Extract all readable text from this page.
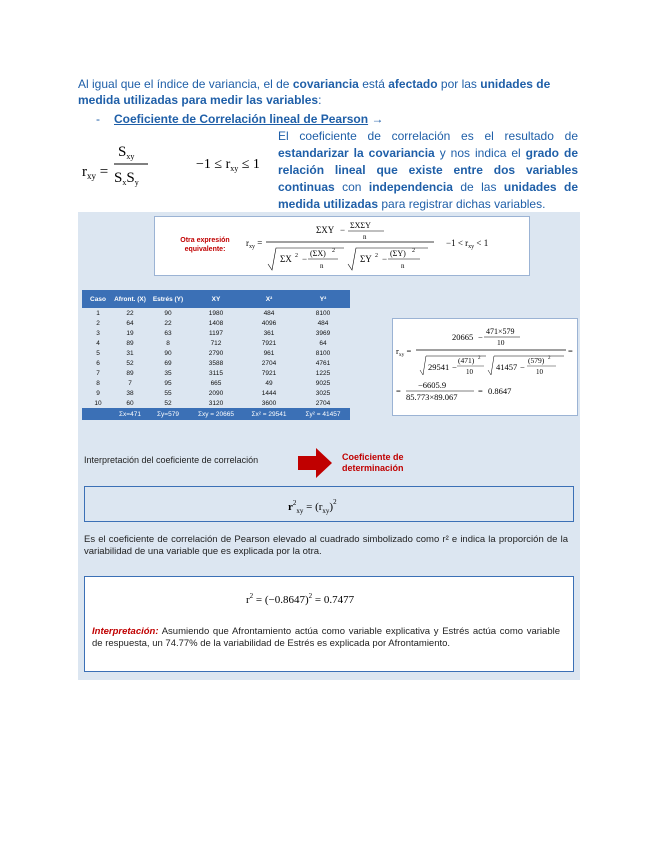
Al igual que el índice de variancia, el de covariancia está afectado por las unidades de medida utilizadas para medir las variables:
- Coeficiente de Correlación lineal de Pearson →
$r_{xy}$ =
$S_{xy}$
$S_xS_y$
$-1 \le r_{xy} \le 1$
El coeficiente de correlación es el resultado de estandarizar la covariancia y nos indica el grado de relación lineal que existe entre dos variables continuas con independencia de las unidades de medida utilizadas para registrar dichas variables.
Otra expresión equivalente:
$r_{xy}$ =
ΣXY − ΣXΣY
n
ΣX 2 −
(ΣX) 2
n
ΣY 2 −
(ΣY) 2
n
$-1 < r_{xy} < 1$
Caso	Afront. (X)	Estrés (Y)	XY	X²	Y²
1	22	90	1980	484	8100
2	64	22	1408	4096	484
3	19	63	1197	361	3969
4	89	8	712	7921	64
5	31	90	2790	961	8100
6	52	69	3588	2704	4761
7	89	35	3115	7921	1225
8	7	95	665	49	9025
9	38	55	2090	1444	3025
10	60	52	3120	3600	2704
	Σx=471	Σy=579	Σxy = 20665	Σx² = 29541	Σy² = 41457
$r_{xy}$ =
20665 −
471×579
10
29541 −
(471) 2
10	41457 −
(579) 2
10
=
=
−6605.9
85.773×89.067
= 0.8647
Interpretación del coeficiente de correlación	Coeficiente de determinación
$r^2_{xy} = (r_{xy})^2$
Es el coeficiente de correlación de Pearson elevado al cuadrado simbolizado como r² e indica la proporción de la variabilidad de una variable que es explicada por la otra.
$r^2 = (-0.8647)^2 = 0.7477$
Interpretación: Asumiendo que Afrontamiento actúa como variable explicativa y Estrés actúa como variable de respuesta, un 74.77% de la variabilidad de Estrés es explicada por Afrontamiento.
